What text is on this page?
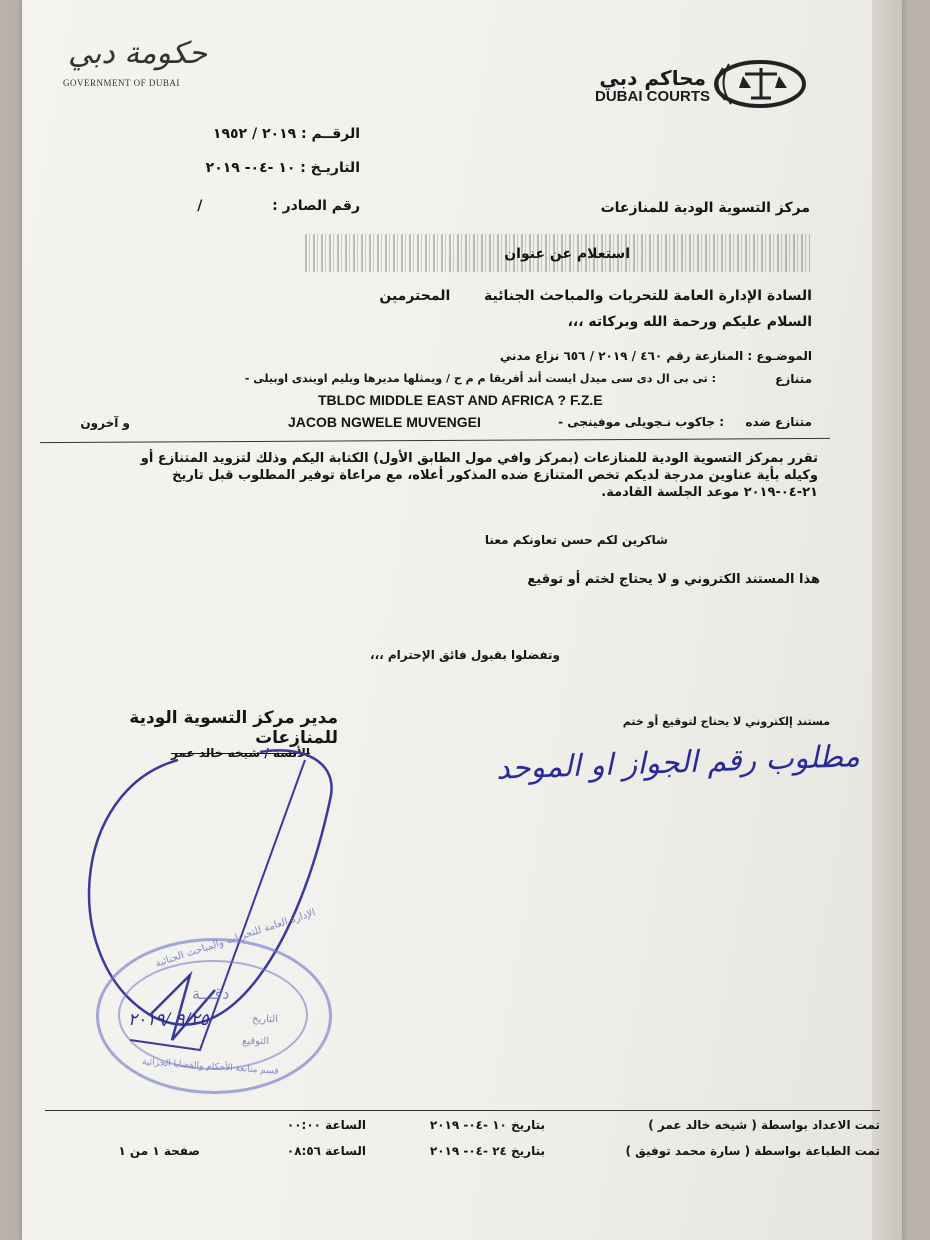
حكومة دبي
GOVERNMENT OF DUBAI	محاكم دبي
DUBAI COURTS
الرقــم : ٢٠١٩ / ١٩٥٢
التاريـخ : ١٠ -٠٤- ٢٠١٩
رقم الصادر :  /	مركز التسوية الودية للمنازعات
استعلام عن عنوان
السادة الإدارة العامة للتحريات والمباحث الجنائية  المحترمين
السلام عليكم ورحمة الله وبركاته ،،،
الموضـوع : المنازعة رقم ٤٦٠ / ٢٠١٩ / ٦٥٦ نزاع مدني
متنازع
: تى بى ال دى سى ميدل ايست أند أفريقا م م ح / ويمثلها مديرها ويليم اويندى اوبيلى -
TBLDC MIDDLE EAST AND AFRICA ? F.Z.E
متنازع ضده
JACOB NGWELE MUVENGEI	: جاكوب نـجويلى موفينجى -
و آخرون
تقرر بمركز التسوية الودية للمنازعات (بمركز وافي مول الطابق الأول) الكتابة اليكم وذلك لتزويد المتنازع أو وكيله بأية عناوين مدرجة لديكم تخص المتنازع ضده المذكور أعلاه، مع مراعاة توفير المطلوب قبل تاريخ ٢١-٠٤-٢٠١٩ موعد الجلسة القادمة.
شاكرين لكم حسن تعاونكم معنا
هذا المستند الكتروني و لا يحتاج لختم أو توقيع
وتفضلوا بقبول فائق الإحترام ،،،
مستند إلكتروني لا يحتاج لتوقيع أو ختم
مدير مركز التسوية الودية للمنازعات
الأنسة / شيخه خالد عمر	مطلوب رقم الجواز او الموحد
الإدارة العامة للتحريات والمباحث الجنائية
دقـــة
التاريخ
التوقيع
قسم متابعة الأحكام والقضايا الجزائية
٩/٢٥ /٢٠١٩
تمت الاعداد بواسطة ( شيخه خالد عمر )
بتاريخ ١٠ -٠٤- ٢٠١٩
الساعة ٠٠:٠٠
تمت الطباعة بواسطة ( سارة محمد توفيق )
بتاريخ ٢٤ -٠٤- ٢٠١٩
الساعة ٠٨:٥٦
صفحة ١ من ١
